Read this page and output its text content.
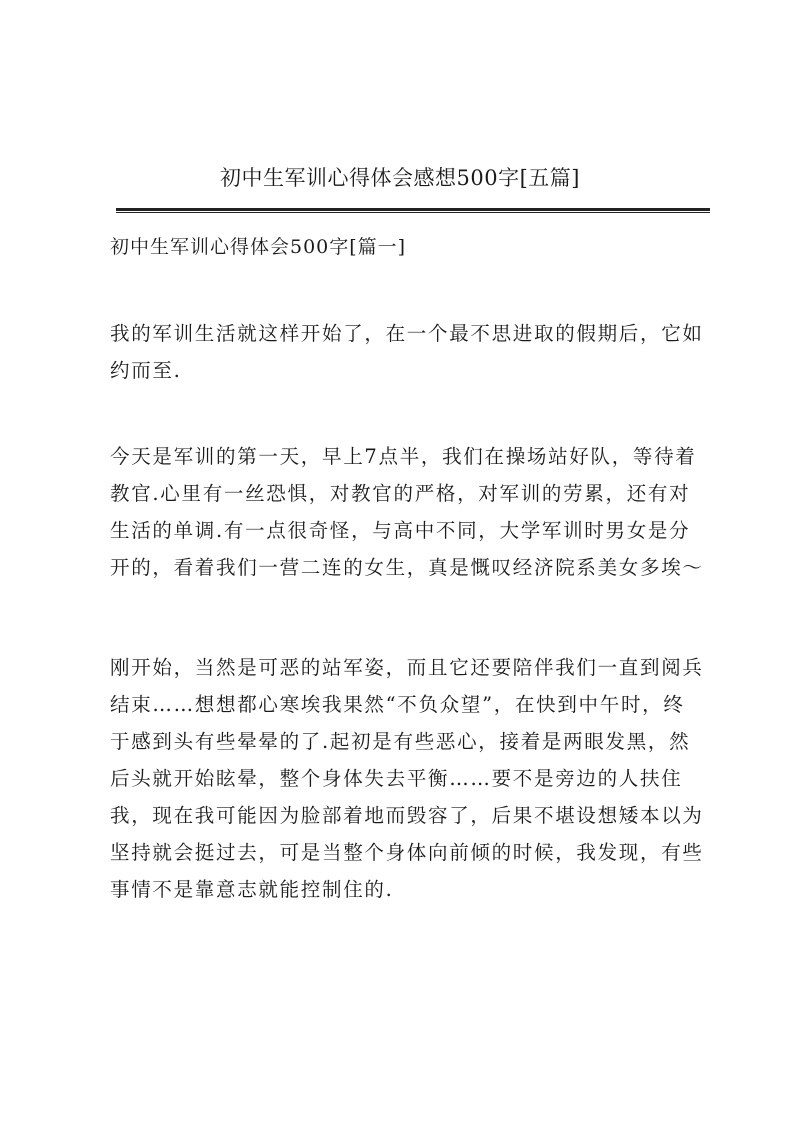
初中生军训心得体会感想500字[五篇]
初中生军训心得体会500字[篇一]
我的军训生活就这样开始了，在一个最不思进取的假期后，它如
约而至.
今天是军训的第一天，早上7点半，我们在操场站好队，等待着
教官.心里有一丝恐惧，对教官的严格，对军训的劳累，还有对
生活的单调.有一点很奇怪，与高中不同，大学军训时男女是分
开的，看着我们一营二连的女生，真是慨叹经济院系美女多埃～
刚开始，当然是可恶的站军姿，而且它还要陪伴我们一直到阅兵
结束……想想都心寒埃我果然“不负众望”，在快到中午时，终
于感到头有些晕晕的了.起初是有些恶心，接着是两眼发黑，然
后头就开始眩晕，整个身体失去平衡……要不是旁边的人扶住
我，现在我可能因为脸部着地而毁容了，后果不堪设想矮本以为
坚持就会挺过去，可是当整个身体向前倾的时候，我发现，有些
事情不是靠意志就能控制住的.
